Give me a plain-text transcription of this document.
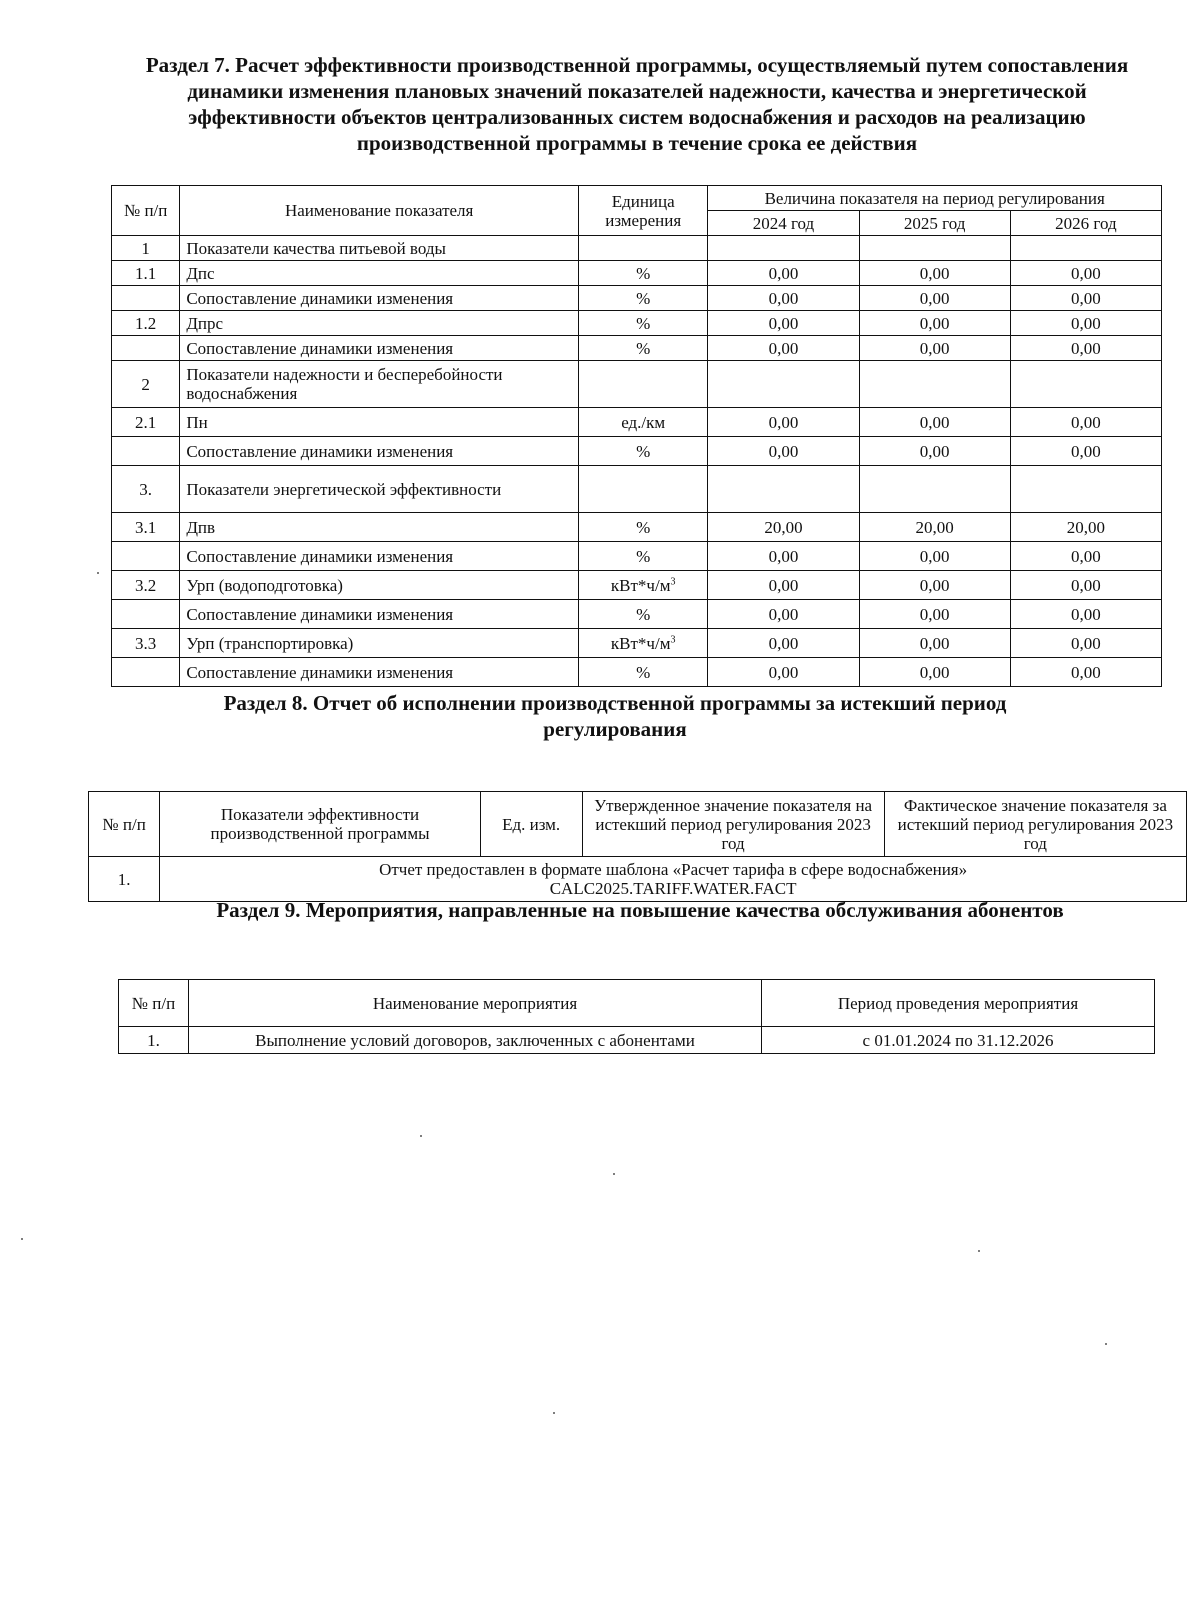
Раздел 7. Расчет эффективности производственной программы, осуществляемый путем сопоставления динамики изменения плановых значений показателей надежности, качества и энергетической эффективности объектов централизованных систем водоснабжения и расходов на реализацию производственной программы в течение срока ее действия
№ п/п	Наименование показателя	Единица измерения	Величина показателя на период регулирования		
			2024 год	2025 год	2026 год
1	Показатели качества питьевой воды				
1.1	Дпс	%	0,00	0,00	0,00
	Сопоставление динамики изменения	%	0,00	0,00	0,00
1.2	Дпрс	%	0,00	0,00	0,00
	Сопоставление динамики изменения	%	0,00	0,00	0,00
2	Показатели надежности и бесперебойности водоснабжения				
2.1	Пн	ед./км	0,00	0,00	0,00
	Сопоставление динамики изменения	%	0,00	0,00	0,00
3.	Показатели энергетической эффективности				
3.1	Дпв	%	20,00	20,00	20,00
	Сопоставление динамики изменения	%	0,00	0,00	0,00
3.2	Урп (водоподготовка)	$кВт*ч/м^3$	0,00	0,00	0,00
	Сопоставление динамики изменения	%	0,00	0,00	0,00
3.3	Урп (транспортировка)	$кВт*ч/м^3$	0,00	0,00	0,00
	Сопоставление динамики изменения	%	0,00	0,00	0,00
Раздел 8. Отчет об исполнении производственной программы за истекший период регулирования
№ п/п	Показатели эффективности производственной программы	Ед. изм.	Утвержденное значение показателя на истекший период регулирования 2023 год	Фактическое значение показателя за истекший период регулирования 2023 год
1.	Отчет предоставлен в формате шаблона «Расчет тарифа в сфере водоснабжения»
CALC2025.TARIFF.WATER.FACT			
Раздел 9. Мероприятия, направленные на повышение качества обслуживания абонентов
№ п/п	Наименование мероприятия	Период проведения мероприятия
1.	Выполнение условий договоров, заключенных с абонентами	с 01.01.2024 по 31.12.2026
